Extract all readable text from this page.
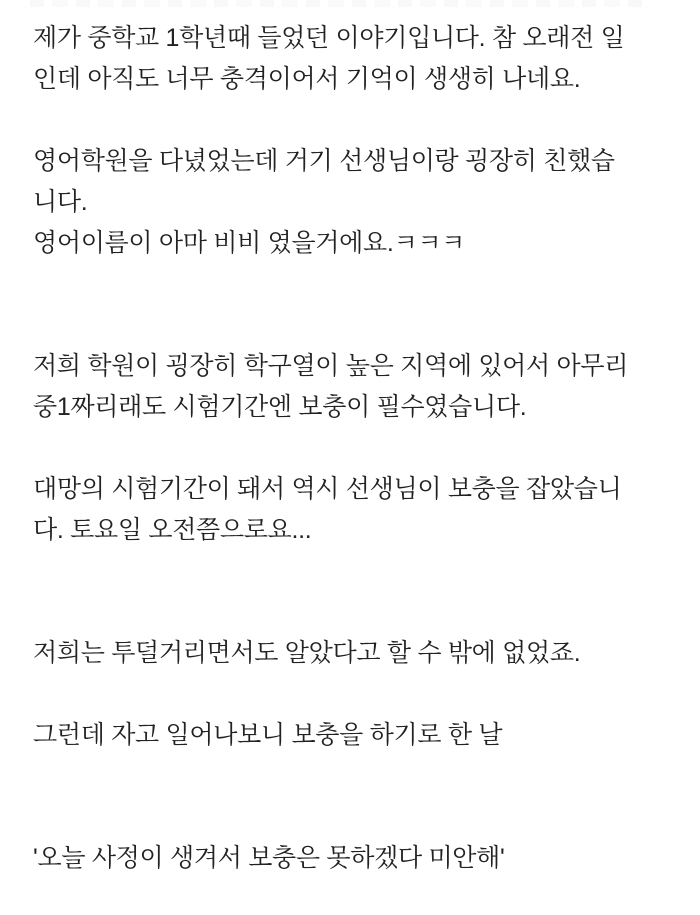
제가 중학교 1학년때 들었던 이야기입니다. 참 오래전 일
인데 아직도 너무 충격이어서 기억이 생생히 나네요.
영어학원을 다녔었는데 거기 선생님이랑 굉장히 친했습
니다.
영어이름이 아마 비비 였을거에요.ㅋㅋㅋ
저희 학원이 굉장히 학구열이 높은 지역에 있어서 아무리
중1짜리래도 시험기간엔 보충이 필수였습니다.
대망의 시험기간이 돼서 역시 선생님이 보충을 잡았습니
다. 토요일 오전쯤으로요...
저희는 투덜거리면서도 알았다고 할 수 밖에 없었죠.
그런데 자고 일어나보니 보충을 하기로 한 날
'오늘 사정이 생겨서 보충은 못하겠다 미안해'
